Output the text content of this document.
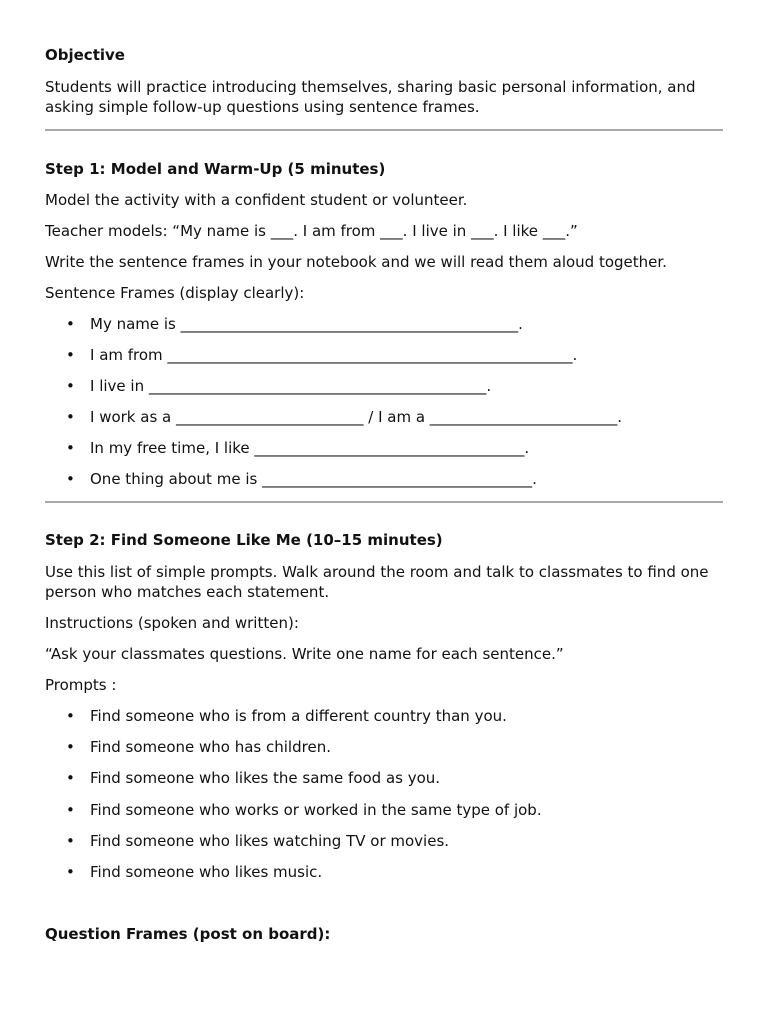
Objective

Students will practice introducing themselves, sharing basic personal information, and asking simple follow-up questions using sentence frames.

Step 1: Model and Warm-Up (5 minutes)

Model the activity with a confident student or volunteer.

Teacher models: “My name is ___. I am from ___. I live in ___. I like ___.”

Write the sentence frames in your notebook and we will read them aloud together.

Sentence Frames (display clearly):

• My name is _____________________________________________.
• I am from ______________________________________________________.
• I live in _____________________________________________.
• I work as a _________________________ / I am a _________________________.
• In my free time, I like ____________________________________.
• One thing about me is ____________________________________.

Step 2: Find Someone Like Me (10–15 minutes)

Use this list of simple prompts. Walk around the room and talk to classmates to find one person who matches each statement.

Instructions (spoken and written):

“Ask your classmates questions. Write one name for each sentence.”

Prompts :

• Find someone who is from a different country than you.
• Find someone who has children.
• Find someone who likes the same food as you.
• Find someone who works or worked in the same type of job.
• Find someone who likes watching TV or movies.
• Find someone who likes music.

Question Frames (post on board):
